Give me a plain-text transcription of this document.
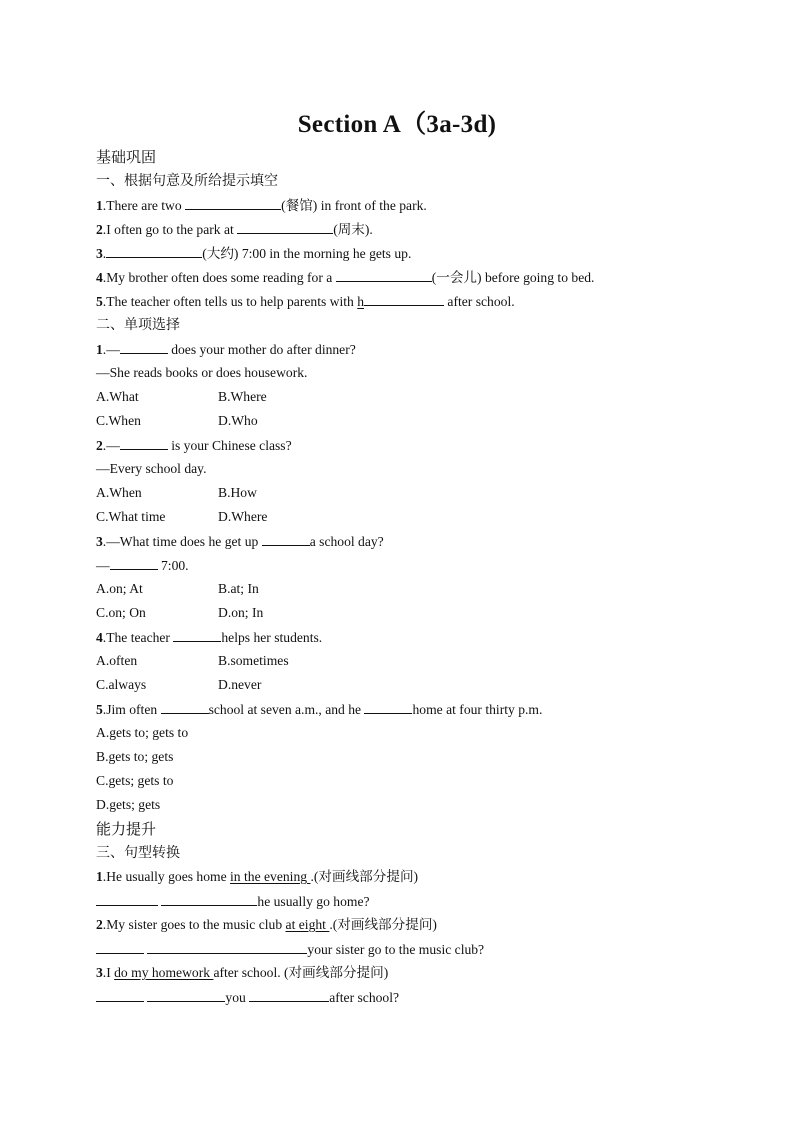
Section A（3a-3d)
基础巩固
一、根据句意及所给提示填空
1.There are two	(餐馆) in front of the park.
2.I often go to the park at	(周末).
3.	(大约) 7:00 in the morning he gets up.
4.My brother often does some reading for a	(一会儿) before going to bed.
5.The teacher often tells us to help parents with h	after school.
二、单项选择
1.—	does your mother do after dinner?
—She reads books or does housework.
A.What	B.Where
C.When	D.Who
2.—	is your Chinese class?
—Every school day.
A.When	B.How
C.What time	D.Where
3.—What time does he get up	a school day?
—	7:00.
A.on; At	B.at; In
C.on; On	D.on; In
4.The teacher	helps her students.
A.often	B.sometimes
C.always	D.never
5.Jim often	school at seven a.m., and he	home at four thirty p.m.
A.gets to; gets to
B.gets to; gets
C.gets; gets to
D.gets; gets
能力提升
三、句型转换
1.He usually goes home in the evening .(对画线部分提问)
he usually go home?
2.My sister goes to the music club at eight .(对画线部分提问)
your sister go to the music club?
3.I do my homework after school. (对画线部分提问)
you	after school?
